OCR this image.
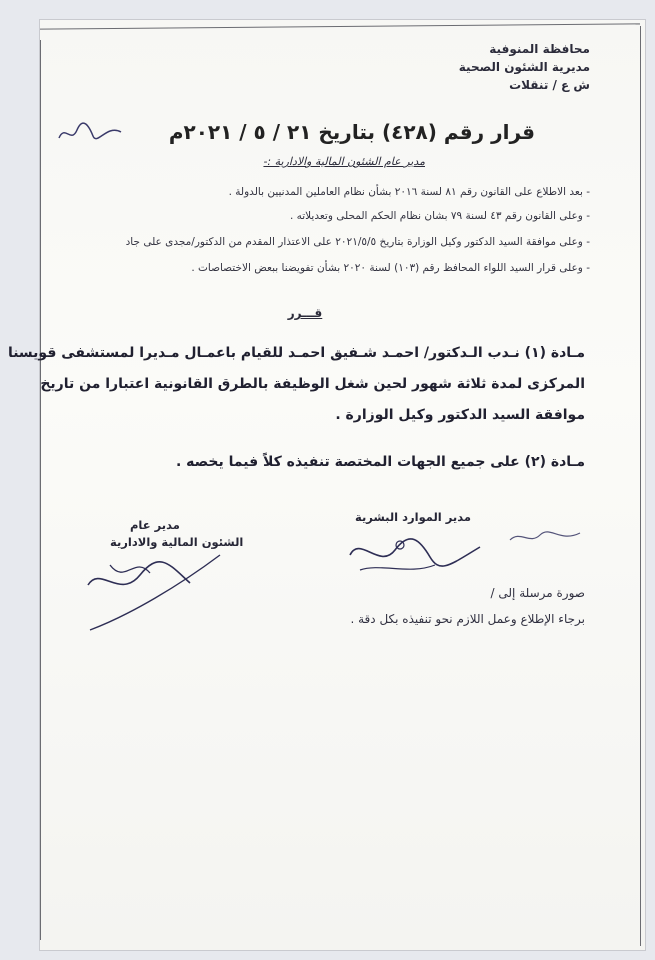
محافظة المنوفية
مديرية الشئون الصحية
ش ع / تنقلات
قرار رقم (٤٢٨) بتاريخ ٢١ / ٥ / ٢٠٢١م
مدير عام الشئون المالية والادارية :-
- بعد الاطلاع على القانون رقم ٨١ لسنة ٢٠١٦ بشأن نظام العاملين المدنيين بالدولة .
- وعلى القانون رقم ٤٣ لسنة ٧٩ بشان نظام الحكم المحلى وتعديلاته .
- وعلى موافقة السيد الدكتور وكيل الوزارة بتاريخ ٢٠٢١/٥/٥ على الاعتذار المقدم من الدكتور/مجدى على جاد
- وعلى قرار السيد اللواء المحافظ رقم (١٠٣) لسنة ٢٠٢٠ بشأن تفويضنا ببعض الاختصاصات .
قـــرر
مـادة (١) نـدب الـدكتور/ احمـد شـفيق احمـد للقيام باعمـال مـديرا لمستشفى قويسنا
المركزى لمدة ثلاثة شهور لحين شغل الوظيفة بالطرق القانونية اعتبارا من تاريخ
موافقة السيد الدكتور وكيل الوزارة .
مـادة (٢) على جميع الجهات المختصة تنفيذه كلاً فيما يخصه .
مدير الموارد البشرية
مدير عام
الشئون المالية والادارية
صورة مرسلة إلى /
برجاء الإطلاع وعمل اللازم نحو تنفيذه بكل دقة .
